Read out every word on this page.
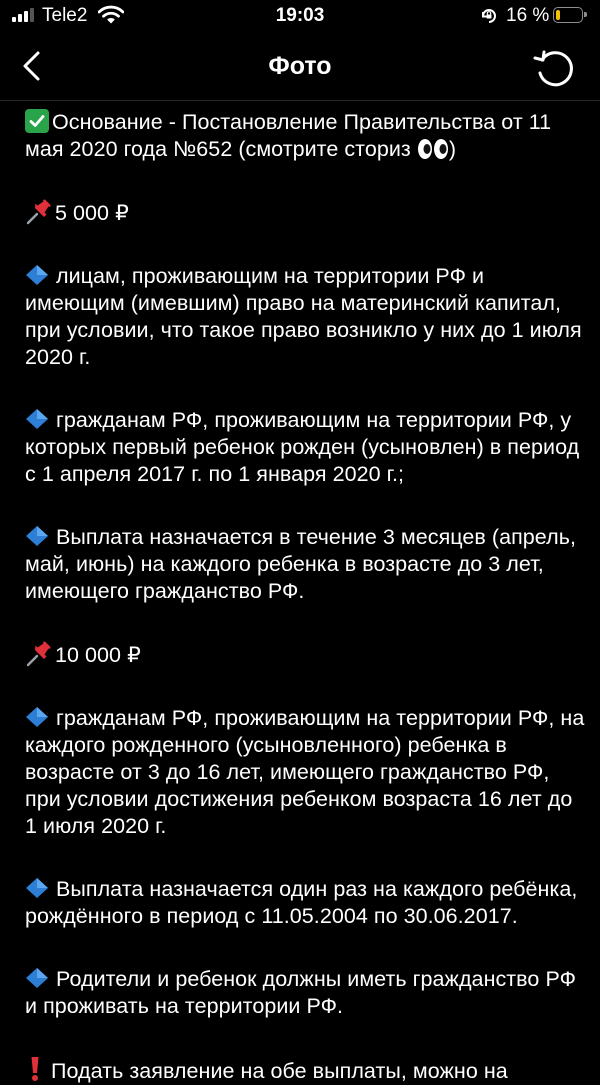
Tele2	19:03	16 %
Фото

Основание - Постановление Правительства от 11 мая 2020 года №652 (смотрите сториз )

5 000 ₽

лицам, проживающим на территории РФ и имеющим (имевшим) право на материнский капитал, при условии, что такое право возникло у них до 1 июля 2020 г.

гражданам РФ, проживающим на территории РФ, у которых первый ребенок рожден (усыновлен) в период с 1 апреля 2017 г. по 1 января 2020 г.;

Выплата назначается в течение 3 месяцев (апрель, май, июнь) на каждого ребенка в возрасте до 3 лет, имеющего гражданство РФ.

10 000 ₽

гражданам РФ, проживающим на территории РФ, на каждого рожденного (усыновленного) ребенка в возрасте от 3 до 16 лет, имеющего гражданство РФ, при условии достижения ребенком возраста 16 лет до 1 июля 2020 г.

Выплата назначается один раз на каждого ребёнка, рождённого в период с 11.05.2004 по 30.06.2017.

Родители и ребенок должны иметь гражданство РФ и проживать на территории РФ.

Подать заявление на обе выплаты, можно на
